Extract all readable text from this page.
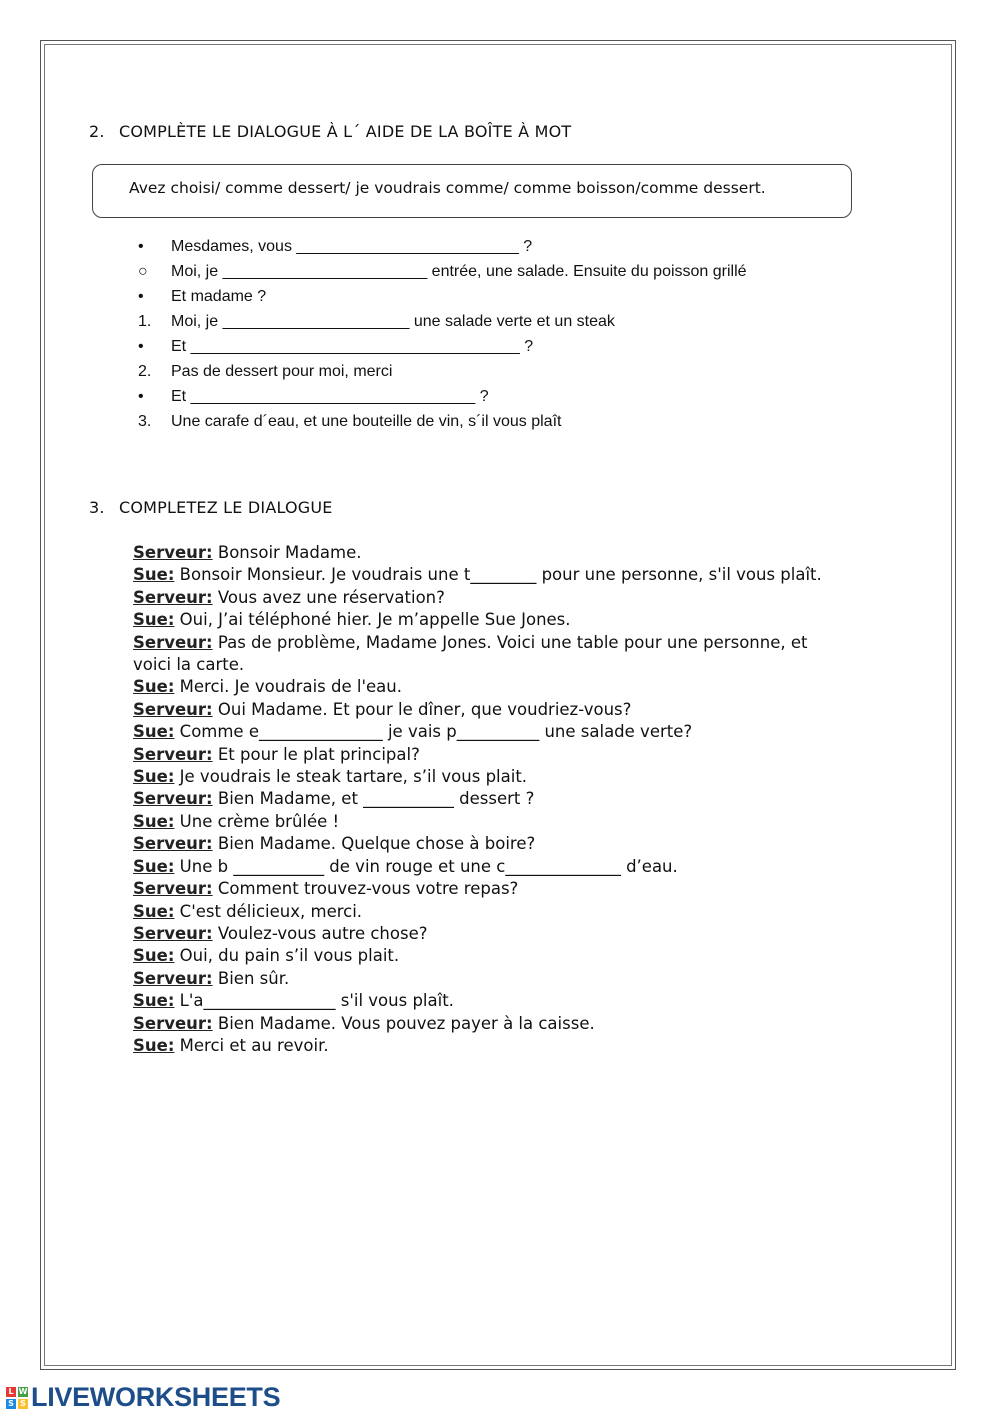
2. COMPLÈTE LE DIALOGUE À L´ AIDE DE LA BOÎTE À MOT
Avez choisi/ comme dessert/ je voudrais comme/ comme boisson/comme dessert.
•	Mesdames, vous _________________________ ?
○	Moi, je _______________________ entrée, une salade. Ensuite du poisson grillé
•	Et madame ?
1.	Moi, je _____________________ une salade verte et un steak
•	Et _____________________________________ ?
2.	Pas de dessert pour moi, merci
•	Et ________________________________ ?
3.	Une carafe d´eau, et une bouteille de vin, s´il vous plaît
3. COMPLETEZ LE DIALOGUE

Serveur: Bonsoir Madame.

Sue: Bonsoir Monsieur. Je voudrais une t________ pour une personne, s'il vous plaît.

Serveur: Vous avez une réservation?

Sue: Oui, J’ai téléphoné hier. Je m’appelle Sue Jones.

Serveur: Pas de problème, Madame Jones. Voici une table pour une personne, et voici la carte.

Sue: Merci. Je voudrais de l'eau.

Serveur: Oui Madame. Et pour le dîner, que voudriez-vous?

Sue: Comme e_______________ je vais p__________ une salade verte?

Serveur: Et pour le plat principal?

Sue: Je voudrais le steak tartare, s’il vous plait.

Serveur: Bien Madame, et ___________ dessert ?

Sue: Une crème brûlée !

Serveur: Bien Madame. Quelque chose à boire?

Sue: Une b ___________ de vin rouge et une c______________ d’eau.

Serveur: Comment trouvez-vous votre repas?

Sue: C'est délicieux, merci.

Serveur: Voulez-vous autre chose?

Sue: Oui, du pain s’il vous plait.

Serveur: Bien sûr.

Sue: L'a________________ s'il vous plaît.

Serveur: Bien Madame. Vous pouvez payer à la caisse.

Sue: Merci et au revoir.

L W
S S LIVEWORKSHEETS
